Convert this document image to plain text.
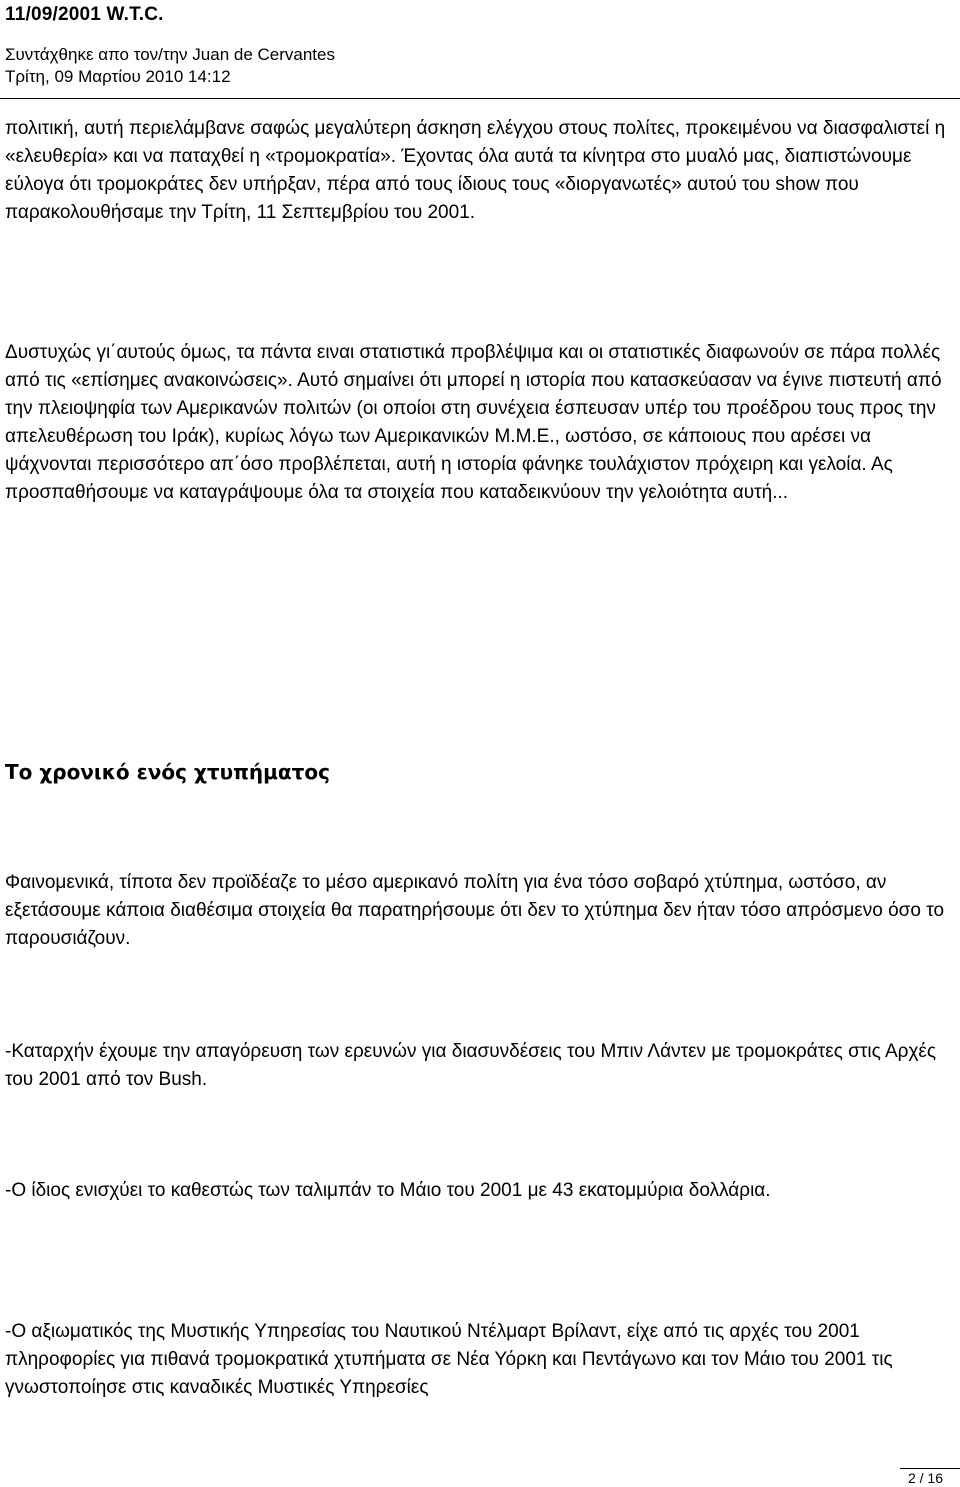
11/09/2001 W.T.C.
Συντάχθηκε απο τον/την Juan de Cervantes
Τρίτη, 09 Μαρτίου 2010 14:12

πολιτική, αυτή περιελάμβανε σαφώς μεγαλύτερη άσκηση ελέγχου στους πολίτες, προκειμένου να διασφαλιστεί η «ελευθερία» και να παταχθεί η «τρομοκρατία». Έχοντας όλα αυτά τα κίνητρα στο μυαλό μας, διαπιστώνουμε εύλογα ότι τρομοκράτες δεν υπήρξαν, πέρα από τους ίδιους τους «διοργανωτές» αυτού του show που παρακολουθήσαμε την Τρίτη, 11 Σεπτεμβρίου του 2001.

Δυστυχώς γι΄αυτούς όμως, τα πάντα ειναι στατιστικά προβλέψιμα και οι στατιστικές διαφωνούν σε πάρα πολλές από τις «επίσημες ανακοινώσεις». Αυτό σημαίνει ότι μπορεί η ιστορία που κατασκεύασαν να έγινε πιστευτή από την πλειοψηφία των Αμερικανών πολιτών (οι οποίοι στη συνέχεια έσπευσαν υπέρ του προέδρου τους προς την απελευθέρωση του Ιράκ), κυρίως λόγω των Αμερικανικών Μ.Μ.Ε., ωστόσο, σε κάποιους που αρέσει να ψάχνονται περισσότερο απ΄όσο προβλέπεται, αυτή η ιστορία φάνηκε τουλάχιστον πρόχειρη και γελοία. Ας προσπαθήσουμε να καταγράψουμε όλα τα στοιχεία που καταδεικνύουν την γελοιότητα αυτή...

Το χρονικό ενός χτυπήματος

Φαινομενικά, τίποτα δεν προϊδέαζε το μέσο αμερικανό πολίτη για ένα τόσο σοβαρό χτύπημα, ωστόσο, αν εξετάσουμε κάποια διαθέσιμα στοιχεία θα παρατηρήσουμε ότι δεν το χτύπημα δεν ήταν τόσο απρόσμενο όσο το παρουσιάζουν.

-Καταρχήν έχουμε την απαγόρευση των ερευνών για διασυνδέσεις του Μπιν Λάντεν με τρομοκράτες στις Αρχές του 2001 από τον Bush.

-Ο ίδιος ενισχύει το καθεστώς των ταλιμπάν το Μάιο του 2001 με 43 εκατομμύρια δολλάρια.

-Ο αξιωματικός της Μυστικής Υπηρεσίας του Ναυτικού Ντέλμαρτ Βρίλαντ, είχε από τις αρχές του 2001 πληροφορίες για πιθανά τρομοκρατικά χτυπήματα σε Νέα Υόρκη και Πεντάγωνο και τον Μάιο του 2001 τις γνωστοποίησε στις καναδικές Μυστικές Υπηρεσίες

2 / 16
